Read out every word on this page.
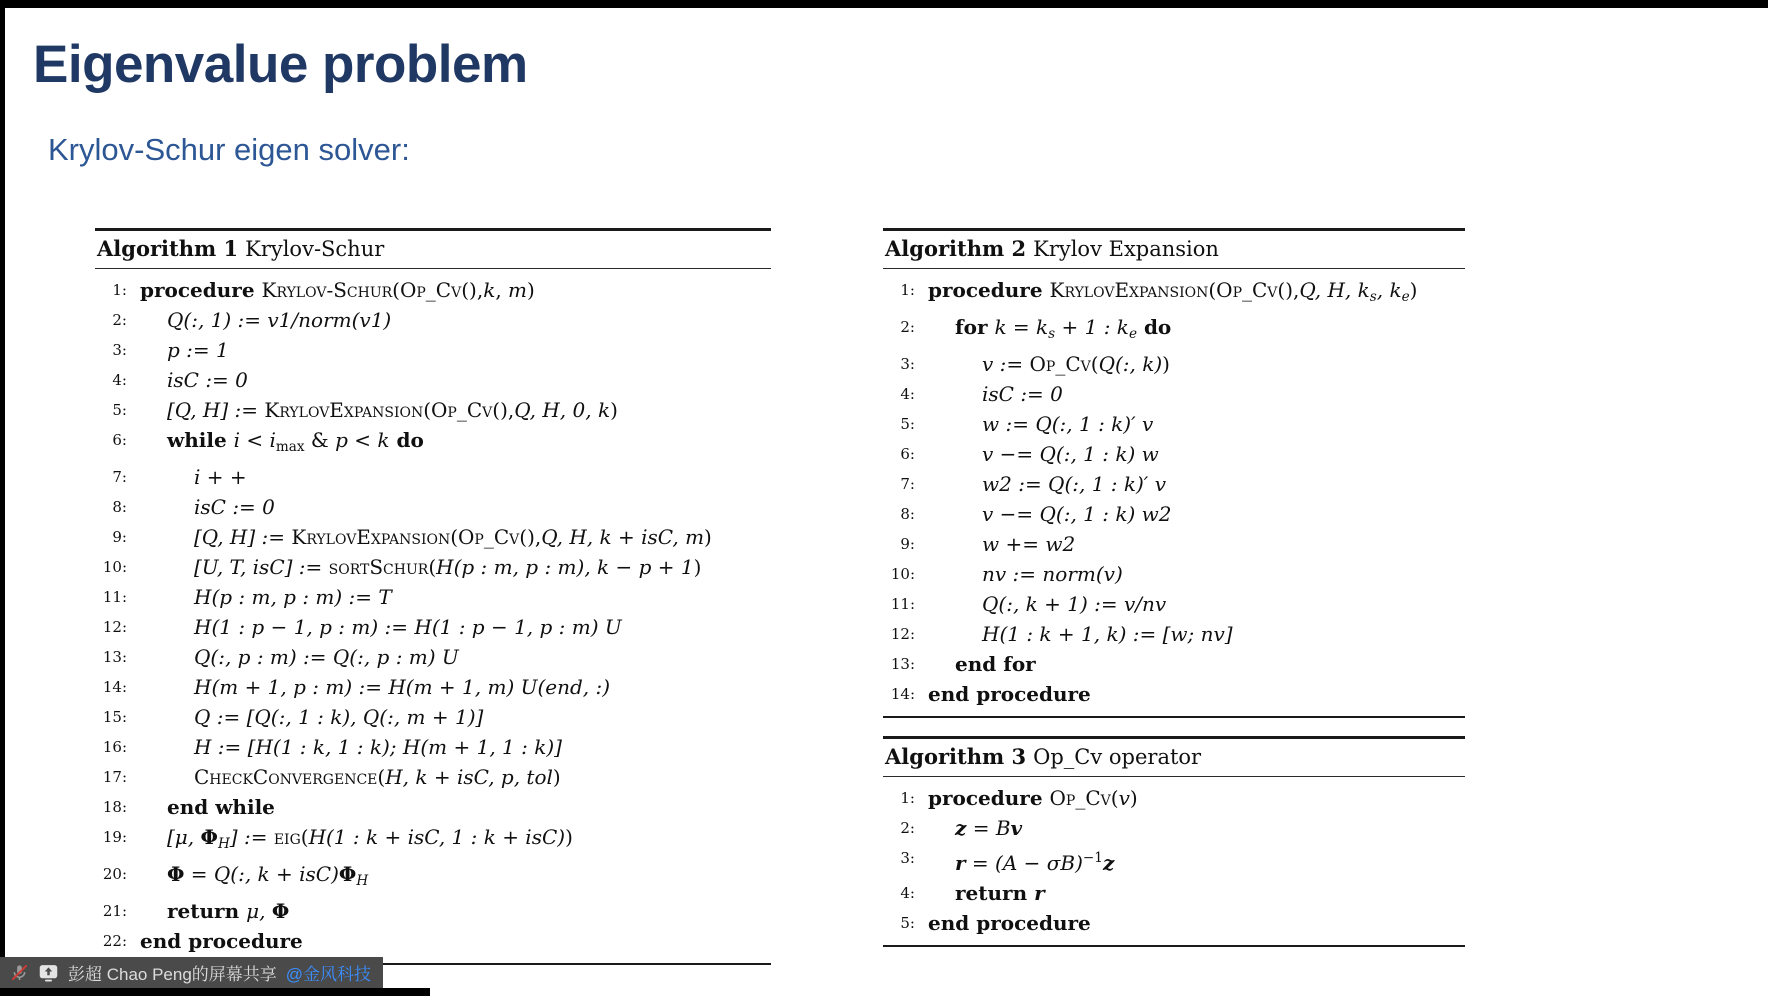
Eigenvalue problem
Krylov-Schur eigen solver:
Algorithm 1 Krylov-Schur
1: procedure Krylov-Schur(Op_Cv(),k, m)
2:	Q(:, 1) := v1/norm(v1)
3:	p := 1
4:	isC := 0
5:	[Q, H] := KrylovExpansion(Op_Cv(),Q, H, 0, k)
6:	while $i < i_{max}$ & p < k do
7:	i + +
8:	isC := 0
9:	[Q, H] := KrylovExpansion(Op_Cv(),Q, H, k + isC, m)
10:	[U, T, isC] := sortSchur(H(p : m, p : m), k − p + 1)
11:	H(p : m, p : m) := T
12:	H(1 : p − 1, p : m) := H(1 : p − 1, p : m) U
13:	Q(:, p : m) := Q(:, p : m) U
14:	H(m + 1, p : m) := H(m + 1, m) U(end, :)
15:	Q := [Q(:, 1 : k), Q(:, m + 1)]
16:	H := [H(1 : k, 1 : k); H(m + 1, 1 : k)]
17:	CheckConvergence(H, k + isC, p, tol)
18:	end while
19:	[μ, $\Phi_H$] := eig(H(1 : k + isC, 1 : k + isC))
20:	Φ = Q(:, $k + isC)\Phi_H$
21:	return μ, Φ
22: end procedure
Algorithm 2 Krylov Expansion
1: procedure KrylovExpansion(Op_Cv(),Q, H, $k_s$, $k_e$)
2:	for $k = k_s + 1$ : $k_e$ do
3:	v := Op_Cv(Q(:, k))
4:	isC := 0
5:	w := Q(:, 1 : k)′ v
6:	v −= Q(:, 1 : k) w
7:	w2 := Q(:, 1 : k)′ v
8:	v −= Q(:, 1 : k) w2
9:	w += w2
10:	nv := norm(v)
11:	Q(:, k + 1) := v/nv
12:	H(1 : k + 1, k) := [w; nv]
13:	end for
14: end procedure
Algorithm 3 Op_Cv operator
1: procedure Op_Cv(v)
2:	z = Bv
3:	$r = (A - \sigma B)^{-1}z$
4:	return r
5: end procedure
彭超 Chao Peng的屏幕共享 @金风科技
